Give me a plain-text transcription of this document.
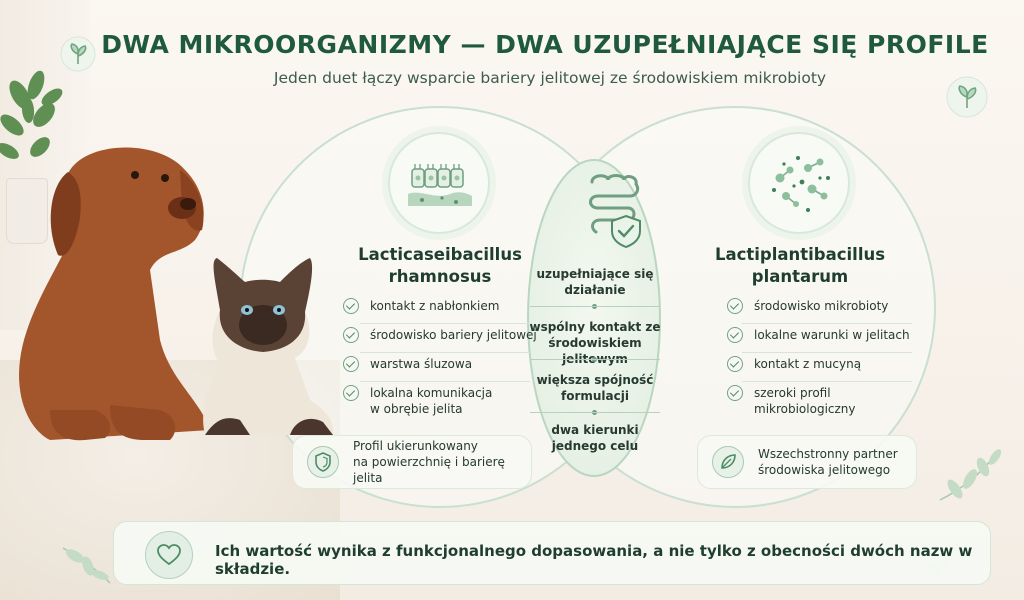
DWA MIKROORGANIZMY — DWA UZUPEŁNIAJĄCE SIĘ PROFILE
Jeden duet łączy wsparcie bariery jelitowej ze środowiskiem mikrobioty
Lacticaseibacillus
rhamnosus
kontakt z nabłonkiem
środowisko bariery jelitowej
warstwa śluzowa
lokalna komunikacja
w obrębie jelita
Profil ukierunkowany
na powierzchnię i barierę jelita
uzupełniające się
działanie
wspólny kontakt ze
środowiskiem
większa spójność
formulacji
dwa kierunki
jednego celu
Lactiplantibacillus
plantarum
środowisko mikrobioty
lokalne warunki w jelitach
kontakt z mucyną
szeroki profil
mikrobiologiczny
Wszechstronny partner
środowiska jelitowego
Ich wartość wynika z funkcjonalnego dopasowania, a nie tylko z obecności dwóch nazw w składzie.
